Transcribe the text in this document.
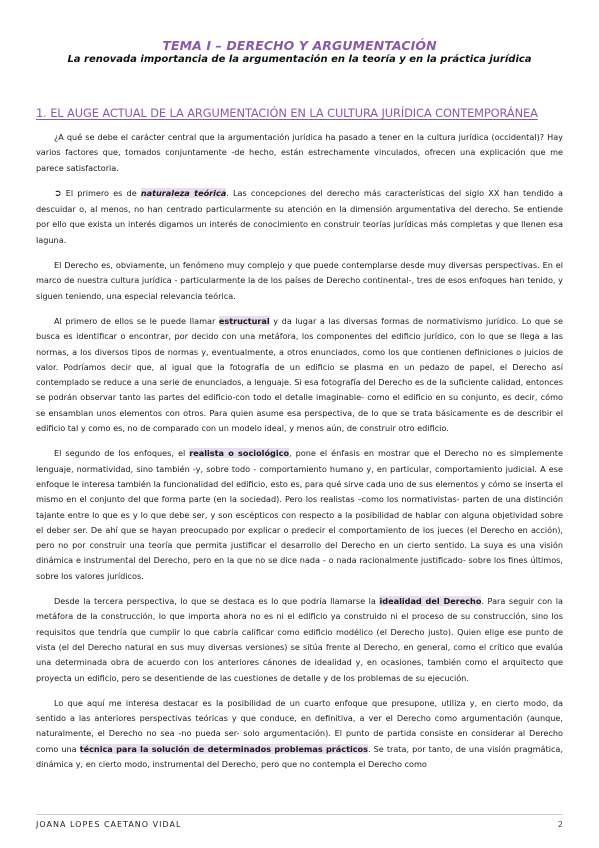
TEMA I – DERECHO Y ARGUMENTACIÓN
La renovada importancia de la argumentación en la teoría y en la práctica jurídica
1. EL AUGE ACTUAL DE LA ARGUMENTACIÓN EN LA CULTURA JURÍDICA CONTEMPORÁNEA

¿A qué se debe el carácter central que la argumentación jurídica ha pasado a tener en la cultura jurídica (occidental)? Hay varios factores que, tomados conjuntamente -de hecho, están estrechamente vinculados, ofrecen una explicación que me parece satisfactoria.

➲ El primero es de naturaleza teórica. Las concepciones del derecho más características del siglo XX han tendido a descuidar o, al menos, no han centrado particularmente su atención en la dimensión argumentativa del derecho. Se entiende por ello que exista un interés digamos un interés de conocimiento en construir teorías jurídicas más completas y que llenen esa laguna.

El Derecho es, obviamente, un fenómeno muy complejo y que puede contemplarse desde muy diversas perspectivas. En el marco de nuestra cultura jurídica - particularmente la de los países de Derecho continental-, tres de esos enfoques han tenido, y siguen teniendo, una especial relevancia teórica.

Al primero de ellos se le puede llamar estructural y da lugar a las diversas formas de normativismo jurídico. Lo que se busca es identificar o encontrar, por decido con una metáfora, los componentes del edificio jurídico, con lo que se llega a las normas, a los diversos tipos de normas y, eventualmente, a otros enunciados, como los que contienen definiciones o juicios de valor. Podríamos decir que, al igual que la fotografía de un edificio se plasma en un pedazo de papel, el Derecho así contemplado se reduce a una serie de enunciados, a lenguaje. Si esa fotografía del Derecho es de la suficiente calidad, entonces se podrán observar tanto las partes del edificio-con todo el detalle imaginable- como el edificio en su conjunto, es decir, cómo se ensamblan unos elementos con otros. Para quien asume esa perspectiva, de lo que se trata básicamente es de describir el edificio tal y como es, no de comparado con un modelo ideal, y menos aún, de construir otro edificio.

El segundo de los enfoques, el realista o sociológico, pone el énfasis en mostrar que el Derecho no es simplemente lenguaje, normatividad, sino también -y, sobre todo - comportamiento humano y, en particular, comportamiento judicial. A ese enfoque le interesa también la funcionalidad del edificio, esto es, para qué sirve cada uno de sus elementos y cómo se inserta el mismo en el conjunto del que forma parte (en la sociedad). Pero los realistas –como los normativistas- parten de una distinción tajante entre lo que es y lo que debe ser, y son escépticos con respecto a la posibilidad de hablar con alguna objetividad sobre el deber ser. De ahí que se hayan preocupado por explicar o predecir el comportamiento de los jueces (el Derecho en acción), pero no por construir una teoría que permita justificar el desarrollo del Derecho en un cierto sentido. La suya es una visión dinámica e instrumental del Derecho, pero en la que no se dice nada - o nada racionalmente justificado- sobre los fines últimos, sobre los valores jurídicos.

Desde la tercera perspectiva, lo que se destaca es lo que podría llamarse la idealidad del Derecho. Para seguir con la metáfora de la construcción, lo que importa ahora no es ni el edificio ya construido ni el proceso de su construcción, sino los requisitos que tendría que cumplir lo que cabría calificar como edificio modélico (el Derecho justo). Quien elige ese punto de vista (el del Derecho natural en sus muy diversas versiones) se sitúa frente al Derecho, en general, como el crítico que evalúa una determinada obra de acuerdo con los anteriores cánones de idealidad y, en ocasiones, también como el arquitecto que proyecta un edificio, pero se desentiende de las cuestiones de detalle y de los problemas de su ejecución.

Lo que aquí me interesa destacar es la posibilidad de un cuarto enfoque que presupone, utiliza y, en cierto modo, da sentido a las anteriores perspectivas teóricas y que conduce, en definitiva, a ver el Derecho como argumentación (aunque, naturalmente, el Derecho no sea -no pueda ser- solo argumentación). El punto de partida consiste en considerar al Derecho como una técnica para la solución de determinados problemas prácticos. Se trata, por tanto, de una visión pragmática, dinámica y, en cierto modo, instrumental del Derecho, pero que no contempla el Derecho como

JOANA LOPES CAETANO VIDAL	2
